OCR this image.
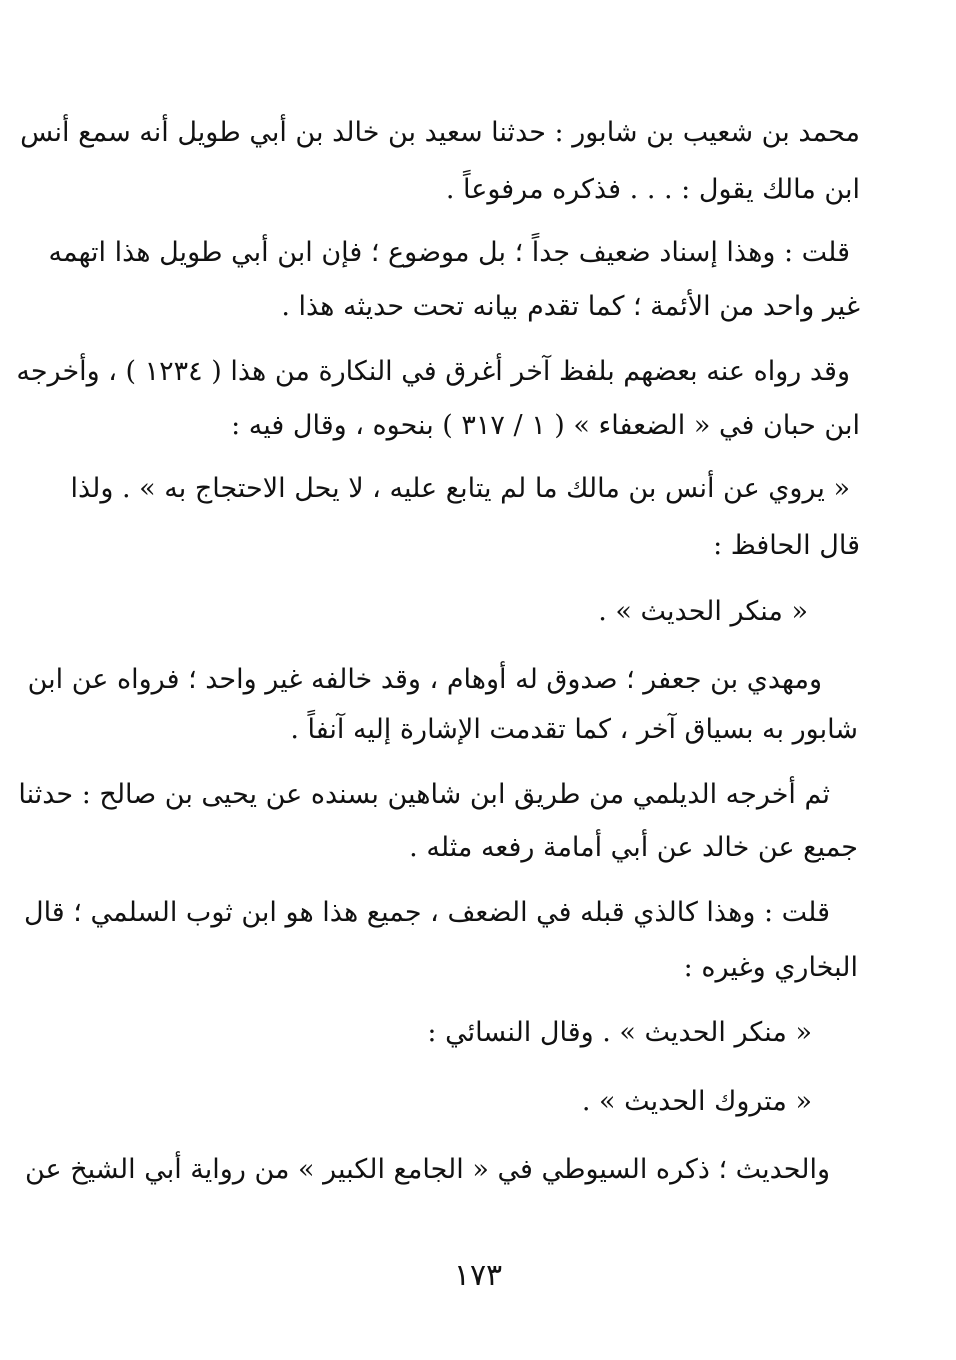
محمد بن شعيب بن شابور : حدثنا سعيد بن خالد بن أبي طويل أنه سمع أنس
ابن مالك يقول : . . . فذكره مرفوعاً .
قلت : وهذا إسناد ضعيف جداً ؛ بل موضوع ؛ فإن ابن أبي طويل هذا اتهمه
غير واحد من الأئمة ؛ كما تقدم بيانه تحت حديثه هذا .
وقد رواه عنه بعضهم بلفظ آخر أغرق في النكارة من هذا ( ١٢٣٤ ) ، وأخرجه
ابن حبان في « الضعفاء » ( ١ / ٣١٧ ) بنحوه ، وقال فيه :
« يروي عن أنس بن مالك ما لم يتابع عليه ، لا يحل الاحتجاج به » . ولذا
قال الحافظ :
« منكر الحديث » .
ومهدي بن جعفر ؛ صدوق له أوهام ، وقد خالفه غير واحد ؛ فرواه عن ابن
شابور به بسياق آخر ، كما تقدمت الإشارة إليه آنفاً .
ثم أخرجه الديلمي من طريق ابن شاهين بسنده عن يحيى بن صالح : حدثنا
جميع عن خالد عن أبي أمامة رفعه مثله .
قلت : وهذا كالذي قبله في الضعف ، جميع هذا هو ابن ثوب السلمي ؛ قال
البخاري وغيره :
« منكر الحديث » . وقال النسائي :
« متروك الحديث » .
والحديث ؛ ذكره السيوطي في « الجامع الكبير » من رواية أبي الشيخ عن
١٧٣
